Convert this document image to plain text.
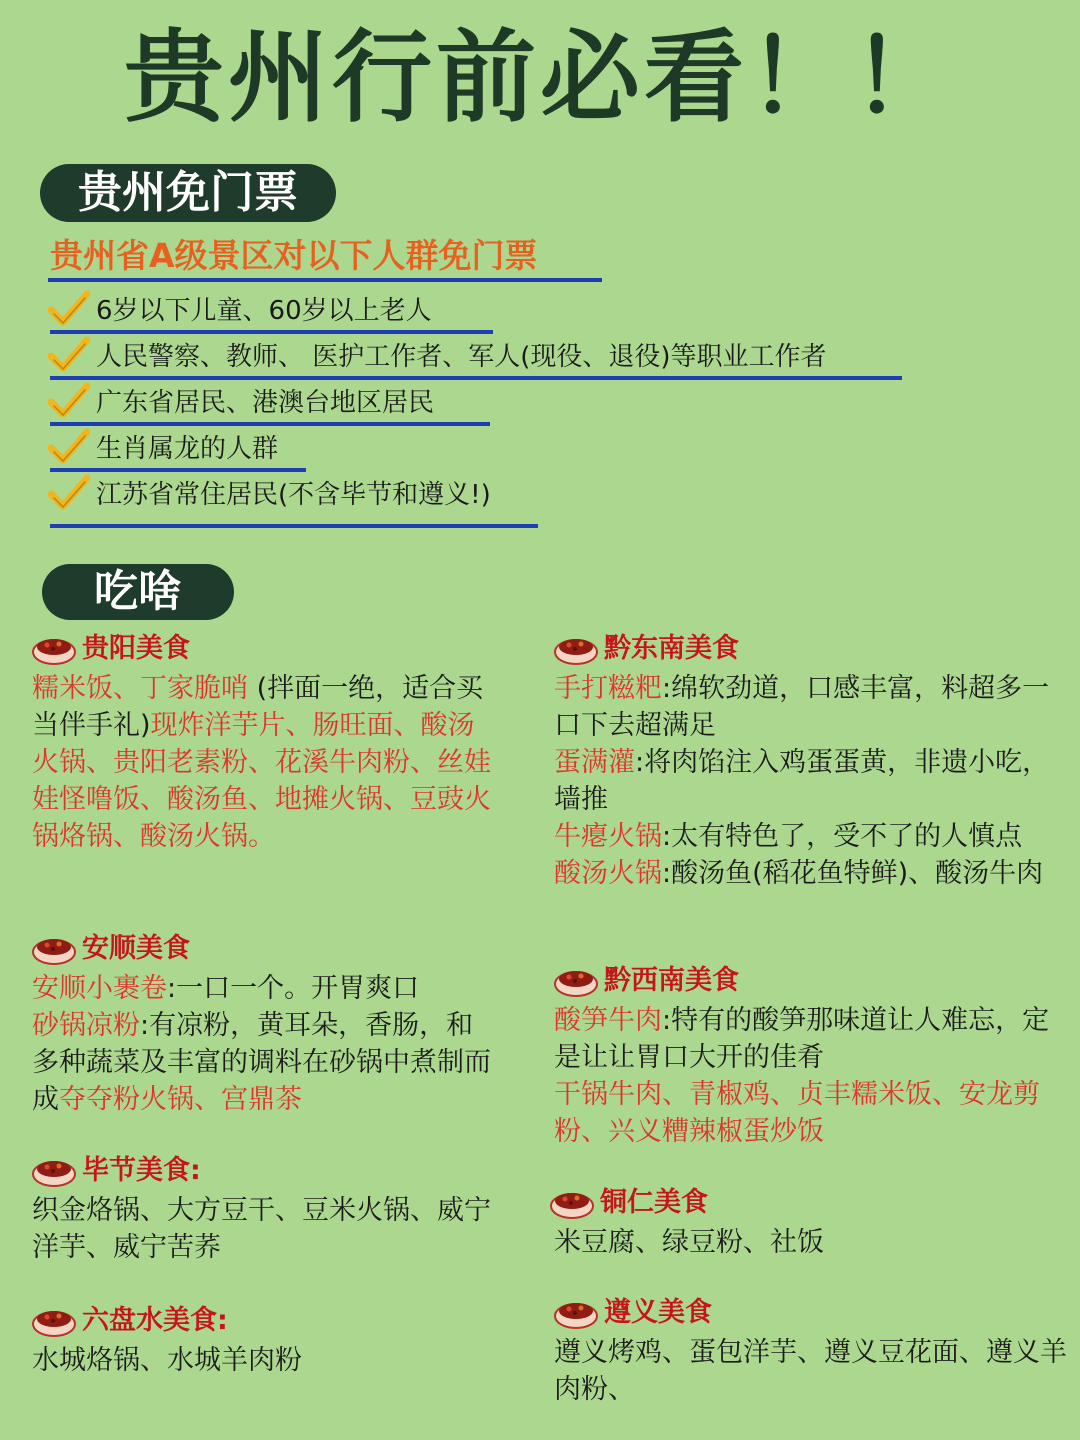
贵州行前必看！！
贵州免门票
贵州省A级景区对以下人群免门票
6岁以下儿童、60岁以上老人
人民警察、教师、 医护工作者、军人(现役、退役)等职业工作者
广东省居民、港澳台地区居民
生肖属龙的人群
江苏省常住居民(不含毕节和遵义!)
吃啥
贵阳美食
糯米饭、丁家脆哨 (拌面一绝，适合买当伴手礼)现炸洋芋片、肠旺面、酸汤火锅、贵阳老素粉、花溪牛肉粉、丝娃娃怪噜饭、酸汤鱼、地摊火锅、豆豉火锅烙锅、酸汤火锅。
安顺美食
安顺小裹卷:一口一个。开胃爽口
砂锅凉粉:有凉粉，黄耳朵，香肠，和多种蔬菜及丰富的调料在砂锅中煮制而成夺夺粉火锅、宫鼎茶
毕节美食:
织金烙锅、大方豆干、豆米火锅、威宁洋芋、威宁苦荞
六盘水美食:
水城烙锅、水城羊肉粉
黔东南美食
手打糍粑:绵软劲道，口感丰富，料超多一口下去超满足
蛋满灌:将肉馅注入鸡蛋蛋黄，非遗小吃，墙推
牛瘪火锅:太有特色了，受不了的人慎点
酸汤火锅:酸汤鱼(稻花鱼特鲜)、酸汤牛肉
黔西南美食
酸笋牛肉:特有的酸笋那味道让人难忘，定是让让胃口大开的佳肴
干锅牛肉、青椒鸡、贞丰糯米饭、安龙剪粉、兴义糟辣椒蛋炒饭
铜仁美食
米豆腐、绿豆粉、社饭
遵义美食
遵义烤鸡、蛋包洋芋、遵义豆花面、遵义羊肉粉、
